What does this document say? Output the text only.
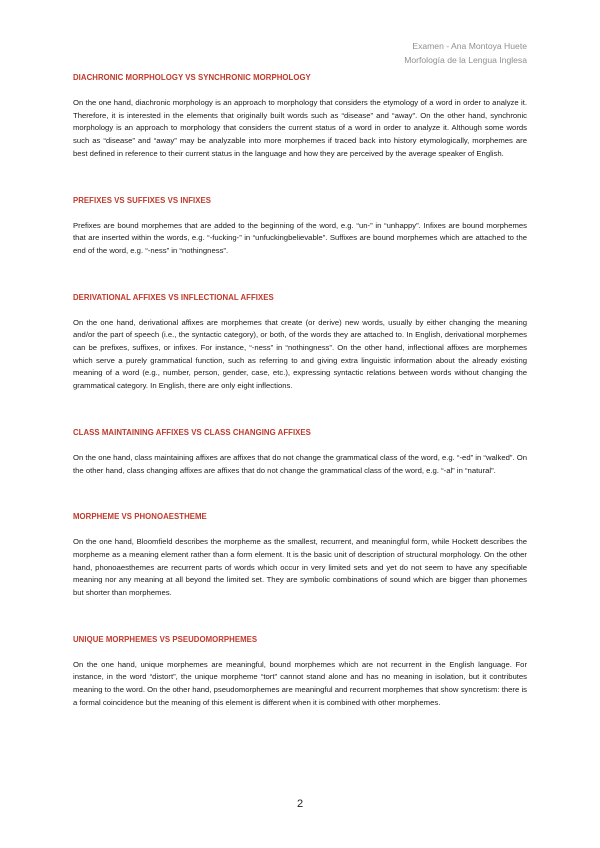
Examen - Ana Montoya Huete
Morfología de la Lengua Inglesa
DIACHRONIC MORPHOLOGY VS SYNCHRONIC MORPHOLOGY

On the one hand, diachronic morphology is an approach to morphology that considers the etymology of a word in order to analyze it. Therefore, it is interested in the elements that originally built words such as “disease” and “away”. On the other hand, synchronic morphology is an approach to morphology that considers the current status of a word in order to analyze it. Although some words such as “disease” and “away” may be analyzable into more morphemes if traced back into history etymologically, morphemes are best defined in reference to their current status in the language and how they are perceived by the average speaker of English.

PREFIXES VS SUFFIXES VS INFIXES

Prefixes are bound morphemes that are added to the beginning of the word, e.g. “un-” in “unhappy”. Infixes are bound morphemes that are inserted within the words, e.g. “-fucking-” in “unfuckingbelievable”. Suffixes are bound morphemes which are attached to the end of the word, e.g. “-ness” in “nothingness”.

DERIVATIONAL AFFIXES VS INFLECTIONAL AFFIXES

On the one hand, derivational affixes are morphemes that create (or derive) new words, usually by either changing the meaning and/or the part of speech (i.e., the syntactic category), or both, of the words they are attached to. In English, derivational morphemes can be prefixes, suffixes, or infixes. For instance, “-ness” in “nothingness”. On the other hand, inflectional affixes are morphemes which serve a purely grammatical function, such as referring to and giving extra linguistic information about the already existing meaning of a word (e.g., number, person, gender, case, etc.), expressing syntactic relations between words without changing the grammatical category. In English, there are only eight inflections.

CLASS MAINTAINING AFFIXES VS CLASS CHANGING AFFIXES

On the one hand, class maintaining affixes are affixes that do not change the grammatical class of the word, e.g. “-ed” in “walked”. On the other hand, class changing affixes are affixes that do not change the grammatical class of the word, e.g. “-al” in “natural”.

MORPHEME VS PHONOAESTHEME

On the one hand, Bloomfield describes the morpheme as the smallest, recurrent, and meaningful form, while Hockett describes the morpheme as a meaning element rather than a form element. It is the basic unit of description of structural morphology. On the other hand, phonoaesthemes are recurrent parts of words which occur in very limited sets and yet do not seem to have any specifiable meaning nor any meaning at all beyond the limited set. They are symbolic combinations of sound which are bigger than phonemes but shorter than morphemes.

UNIQUE MORPHEMES VS PSEUDOMORPHEMES

On the one hand, unique morphemes are meaningful, bound morphemes which are not recurrent in the English language. For instance, in the word “distort”, the unique morpheme “tort” cannot stand alone and has no meaning in isolation, but it contributes meaning to the word. On the other hand, pseudomorphemes are meaningful and recurrent morphemes that show syncretism: there is a formal coincidence but the meaning of this element is different when it is combined with other morphemes.

2
